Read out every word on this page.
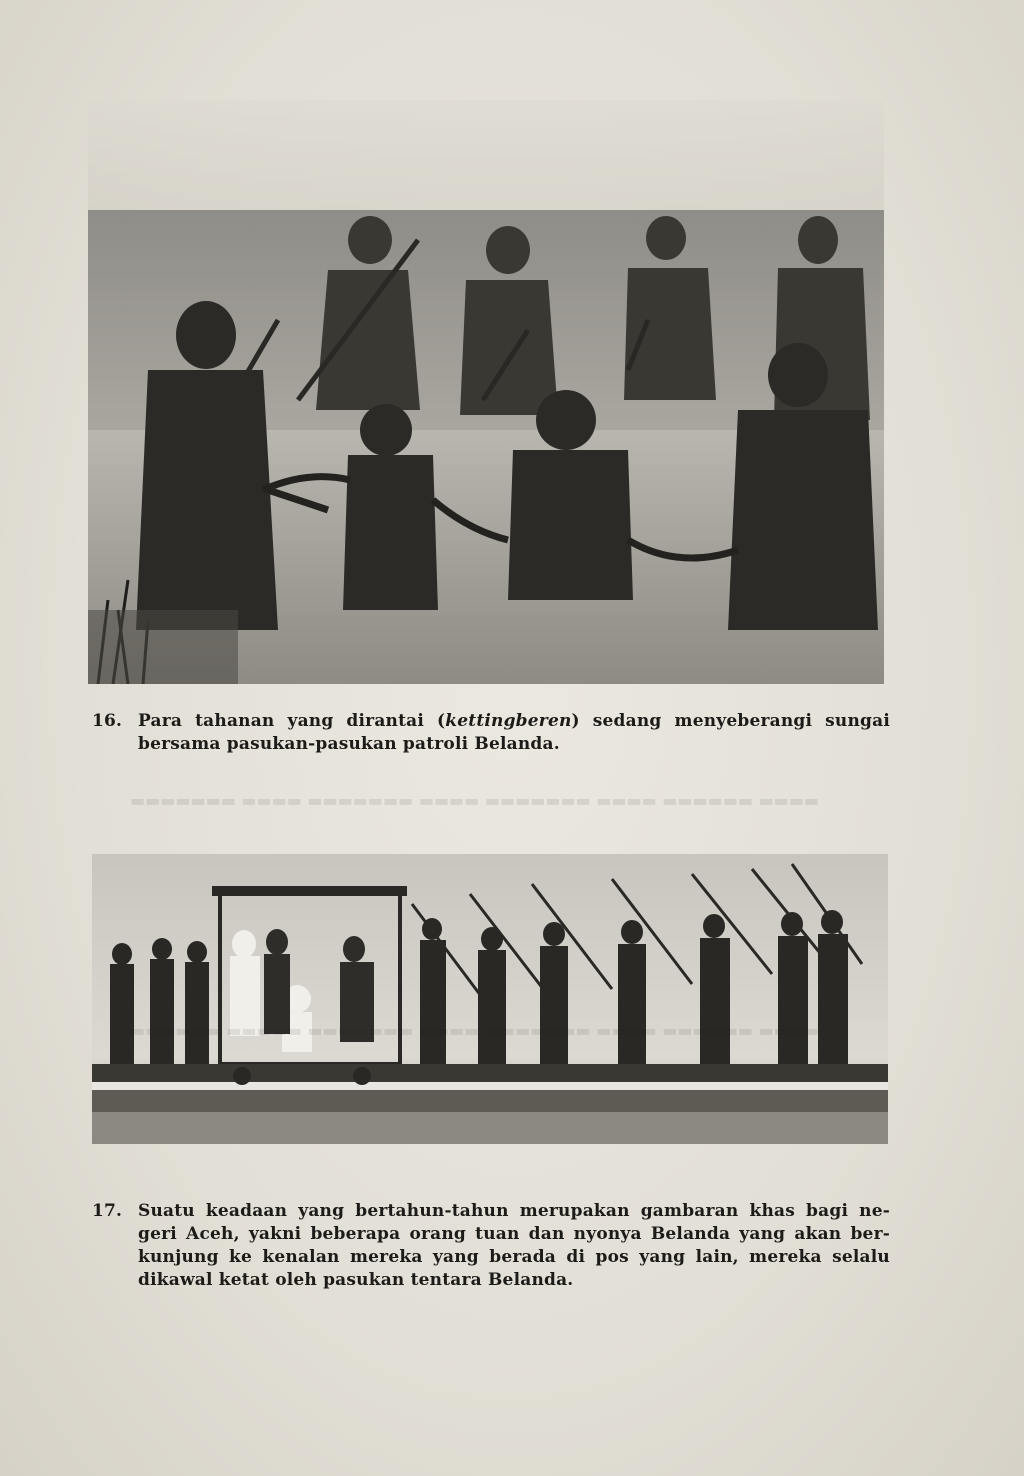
16. Para tahanan yang dirantai (kettingberen) sedang menyeberangi sungai
bersama pasukan-pasukan patroli Belanda.
▬▬▬▬ ▬▬▬▬▬▬ ▬▬▬▬ ▬▬▬▬▬▬▬ ▬▬▬▬ ▬▬▬▬▬▬▬ ▬▬▬▬ ▬▬▬▬▬▬▬
▬▬▬▬ ▬▬▬▬▬▬ ▬▬▬▬ ▬▬▬▬▬▬▬ ▬▬▬▬ ▬▬▬▬▬▬▬ ▬▬▬▬▬ ▬▬▬▬▬▬
17. Suatu keadaan yang bertahun-tahun merupakan gambaran khas bagi ne-
geri Aceh, yakni beberapa orang tuan dan nyonya Belanda yang akan ber-
kunjung ke kenalan mereka yang berada di pos yang lain, mereka selalu
dikawal ketat oleh pasukan tentara Belanda.
